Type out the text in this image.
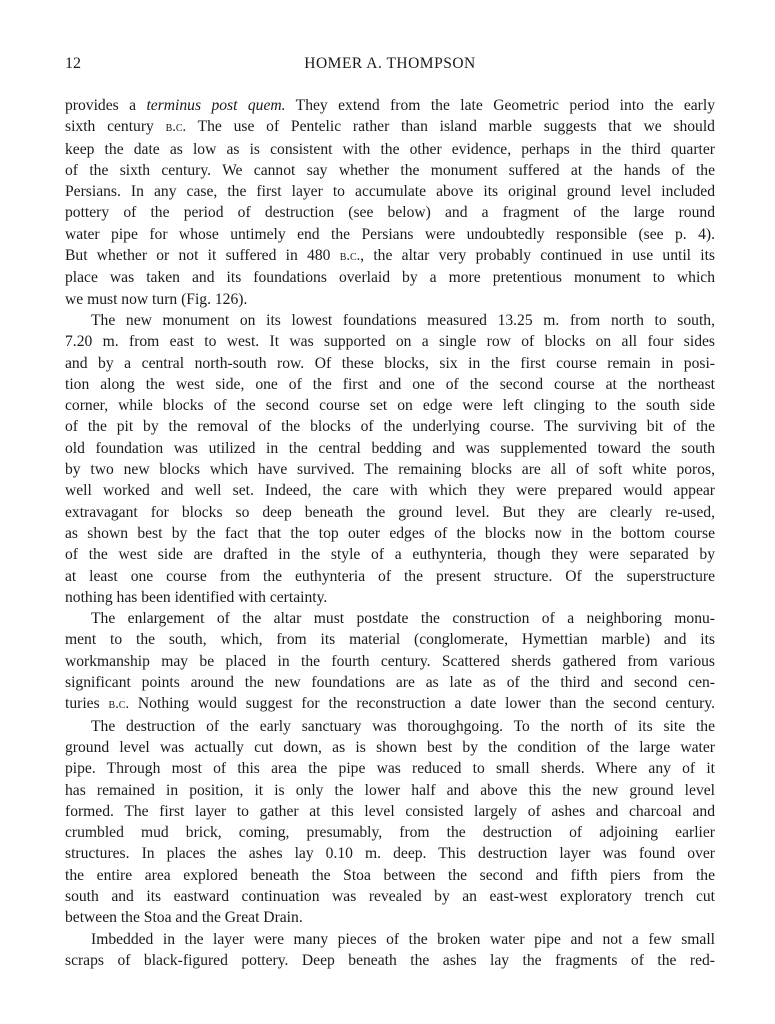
12	HOMER A. THOMPSON

provides a terminus post quem. They extend from the late Geometric period into the early
sixth century b.c. The use of Pentelic rather than island marble suggests that we should
keep the date as low as is consistent with the other evidence, perhaps in the third quarter
of the sixth century. We cannot say whether the monument suffered at the hands of the
Persians. In any case, the first layer to accumulate above its original ground level included
pottery of the period of destruction (see below) and a fragment of the large round
water pipe for whose untimely end the Persians were undoubtedly responsible (see p. 4).
But whether or not it suffered in 480 b.c., the altar very probably continued in use until its
place was taken and its foundations overlaid by a more pretentious monument to which
we must now turn (Fig. 126).

The new monument on its lowest foundations measured 13.25 m. from north to south,
7.20 m. from east to west. It was supported on a single row of blocks on all four sides
and by a central north-south row. Of these blocks, six in the first course remain in posi-
tion along the west side, one of the first and one of the second course at the northeast
corner, while blocks of the second course set on edge were left clinging to the south side
of the pit by the removal of the blocks of the underlying course. The surviving bit of the
old foundation was utilized in the central bedding and was supplemented toward the south
by two new blocks which have survived. The remaining blocks are all of soft white poros,
well worked and well set. Indeed, the care with which they were prepared would appear
extravagant for blocks so deep beneath the ground level. But they are clearly re-used,
as shown best by the fact that the top outer edges of the blocks now in the bottom course
of the west side are drafted in the style of a euthynteria, though they were separated by
at least one course from the euthynteria of the present structure. Of the superstructure
nothing has been identified with certainty.

The enlargement of the altar must postdate the construction of a neighboring monu-
ment to the south, which, from its material (conglomerate, Hymettian marble) and its
workmanship may be placed in the fourth century. Scattered sherds gathered from various
significant points around the new foundations are as late as of the third and second cen-
turies b.c. Nothing would suggest for the reconstruction a date lower than the second century.

The destruction of the early sanctuary was thoroughgoing. To the north of its site the
ground level was actually cut down, as is shown best by the condition of the large water
pipe. Through most of this area the pipe was reduced to small sherds. Where any of it
has remained in position, it is only the lower half and above this the new ground level
formed. The first layer to gather at this level consisted largely of ashes and charcoal and
crumbled mud brick, coming, presumably, from the destruction of adjoining earlier
structures. In places the ashes lay 0.10 m. deep. This destruction layer was found over
the entire area explored beneath the Stoa between the second and fifth piers from the
south and its eastward continuation was revealed by an east-west exploratory trench cut
between the Stoa and the Great Drain.

Imbedded in the layer were many pieces of the broken water pipe and not a few small
scraps of black-figured pottery. Deep beneath the ashes lay the fragments of the red-
